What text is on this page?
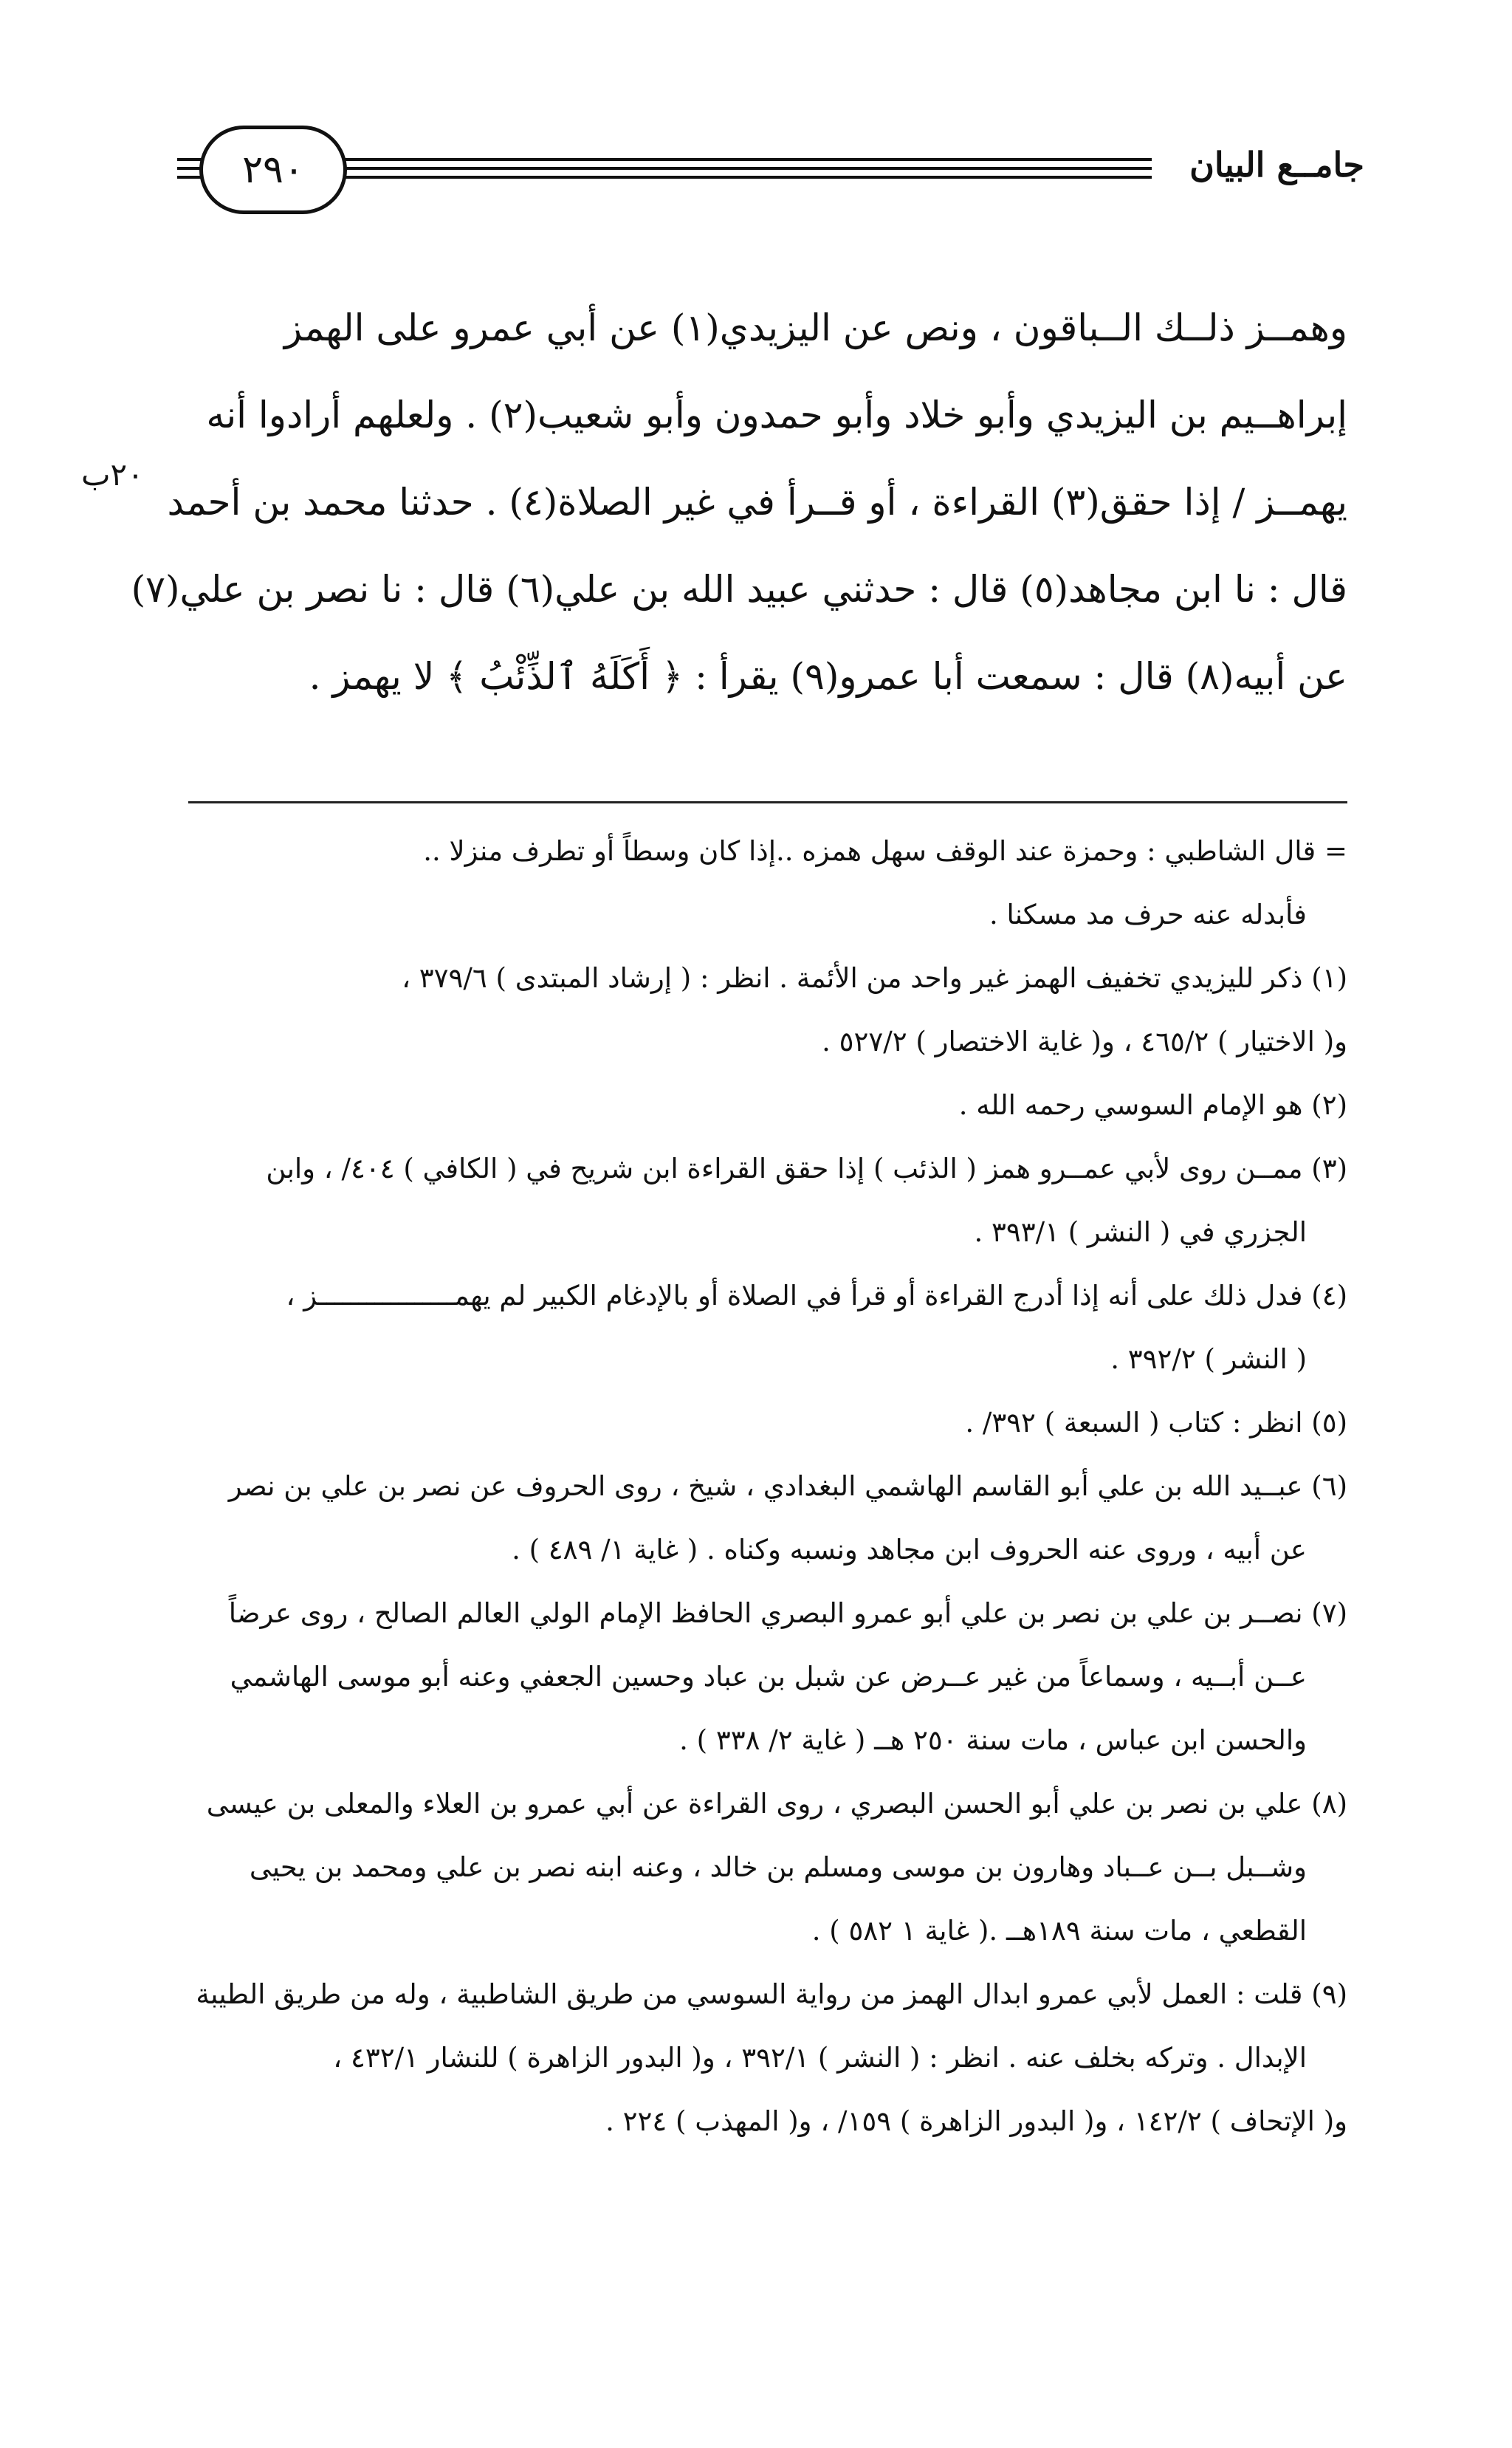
٢٩٠	جامــع البيان
٢٠ب
وهمــز ذلــك الــباقون ، ونص عن اليزيدي(١) عن أبي عمرو على الهمز
إبراهــيم بن اليزيدي وأبو خلاد وأبو حمدون وأبو شعيب(٢) . ولعلهم أرادوا أنه
يهمــز / إذا حقق(٣) القراءة ، أو قــرأ في غير الصلاة(٤) . حدثنا محمد بن أحمد
قال : نا ابن مجاهد(٥) قال : حدثني عبيد الله بن علي(٦) قال : نا نصر بن علي(٧)
عن أبيه(٨) قال : سمعت أبا عمرو(٩) يقرأ : ﴿ أَكَلَهُ ٱلذِّئْبُ ﴾ لا يهمز .
= قال الشاطبي : وحمزة عند الوقف سهل همزه ..إذا كان وسطاً أو تطرف منزلا ..
فأبدله عنه حرف مد مسكنا .
(١) ذكر لليزيدي تخفيف الهمز غير واحد من الأئمة . انظر : ( إرشاد المبتدى ) ٣٧٩/٦ ،
و( الاختيار ) ٤٦٥/٢ ، و( غاية الاختصار ) ٥٢٧/٢ .
(٢) هو الإمام السوسي رحمه الله .
(٣) ممــن روى لأبي عمــرو همز ( الذئب ) إذا حقق القراءة ابن شريح في ( الكافي ) ٤٠٤/ ، وابن
الجزري في ( النشر ) ٣٩٣/١ .
(٤) فدل ذلك على أنه إذا أدرج القراءة أو قرأ في الصلاة أو بالإدغام الكبير لم يهمـــــــــــــــــز ،
( النشر ) ٣٩٢/٢ .
(٥) انظر : كتاب ( السبعة ) ٣٩٢/ .
(٦) عبــيد الله بن علي أبو القاسم الهاشمي البغدادي ، شيخ ، روى الحروف عن نصر بن علي بن نصر
عن أبيه ، وروى عنه الحروف ابن مجاهد ونسبه وكناه . ( غاية ١/ ٤٨٩ ) .
(٧) نصــر بن علي بن نصر بن علي أبو عمرو البصري الحافظ الإمام الولي العالم الصالح ، روى عرضاً
عــن أبــيه ، وسماعاً من غير عــرض عن شبل بن عباد وحسين الجعفي وعنه أبو موسى الهاشمي
والحسن ابن عباس ، مات سنة ٢٥٠ هــ ( غاية ٢/ ٣٣٨ ) .
(٨) علي بن نصر بن علي أبو الحسن البصري ، روى القراءة عن أبي عمرو بن العلاء والمعلى بن عيسى
وشــبل بــن عــباد وهارون بن موسى ومسلم بن خالد ، وعنه ابنه نصر بن علي ومحمد بن يحيى
القطعي ، مات سنة ١٨٩هــ .( غاية ١ ٥٨٢ ) .
(٩) قلت : العمل لأبي عمرو ابدال الهمز من رواية السوسي من طريق الشاطبية ، وله من طريق الطيبة
الإبدال . وتركه بخلف عنه . انظر : ( النشر ) ٣٩٢/١ ، و( البدور الزاهرة ) للنشار ٤٣٢/١ ،
و( الإتحاف ) ١٤٢/٢ ، و( البدور الزاهرة ) ١٥٩/ ، و( المهذب ) ٢٢٤ .
